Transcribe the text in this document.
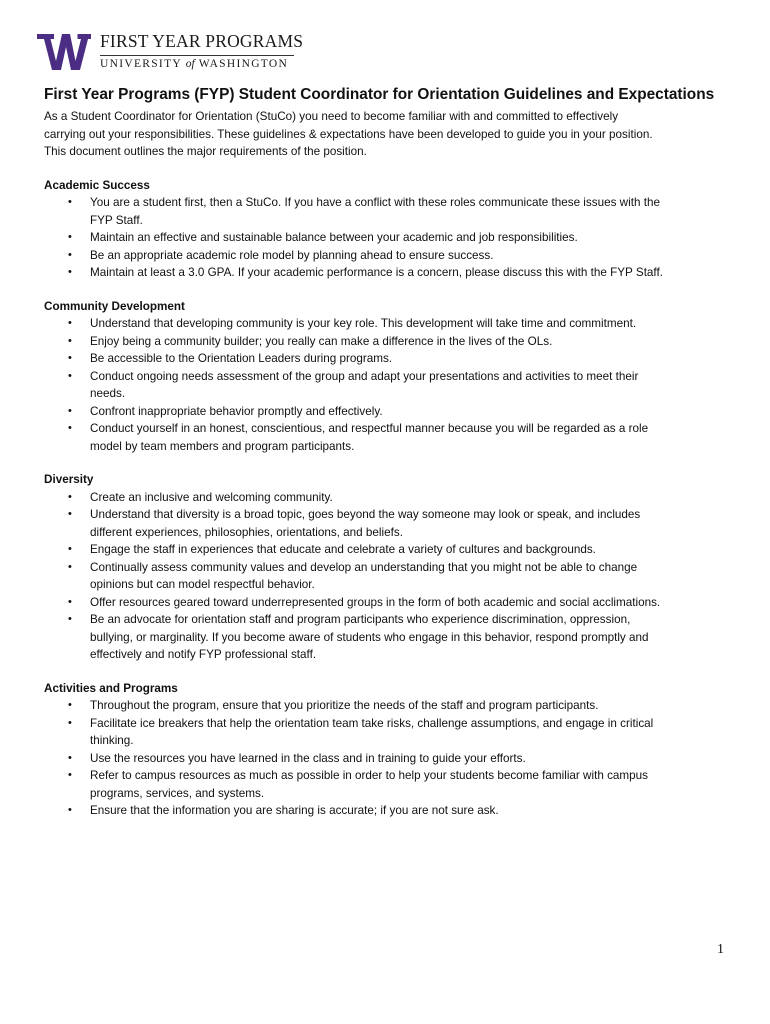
FIRST YEAR PROGRAMS
UNIVERSITY of WASHINGTON
First Year Programs (FYP) Student Coordinator for Orientation Guidelines and Expectations

As a Student Coordinator for Orientation (StuCo) you need to become familiar with and committed to effectively

carrying out your responsibilities. These guidelines & expectations have been developed to guide you in your position.

This document outlines the major requirements of the position.

Academic Success
• You are a student first, then a StuCo. If you have a conflict with these roles communicate these issues with the
FYP Staff.
• Maintain an effective and sustainable balance between your academic and job responsibilities.
• Be an appropriate academic role model by planning ahead to ensure success.
• Maintain at least a 3.0 GPA. If your academic performance is a concern, please discuss this with the FYP Staff.
Community Development
• Understand that developing community is your key role. This development will take time and commitment.
• Enjoy being a community builder; you really can make a difference in the lives of the OLs.
• Be accessible to the Orientation Leaders during programs.
• Conduct ongoing needs assessment of the group and adapt your presentations and activities to meet their
needs.
• Confront inappropriate behavior promptly and effectively.
• Conduct yourself in an honest, conscientious, and respectful manner because you will be regarded as a role
model by team members and program participants.
Diversity
• Create an inclusive and welcoming community.
• Understand that diversity is a broad topic, goes beyond the way someone may look or speak, and includes
different experiences, philosophies, orientations, and beliefs.
• Engage the staff in experiences that educate and celebrate a variety of cultures and backgrounds.
• Continually assess community values and develop an understanding that you might not be able to change
opinions but can model respectful behavior.
• Offer resources geared toward underrepresented groups in the form of both academic and social acclimations.
• Be an advocate for orientation staff and program participants who experience discrimination, oppression,
bullying, or marginality. If you become aware of students who engage in this behavior, respond promptly and
effectively and notify FYP professional staff.
Activities and Programs
• Throughout the program, ensure that you prioritize the needs of the staff and program participants.
• Facilitate ice breakers that help the orientation team take risks, challenge assumptions, and engage in critical
thinking.
• Use the resources you have learned in the class and in training to guide your efforts.
• Refer to campus resources as much as possible in order to help your students become familiar with campus
programs, services, and systems.
• Ensure that the information you are sharing is accurate; if you are not sure ask.
1
